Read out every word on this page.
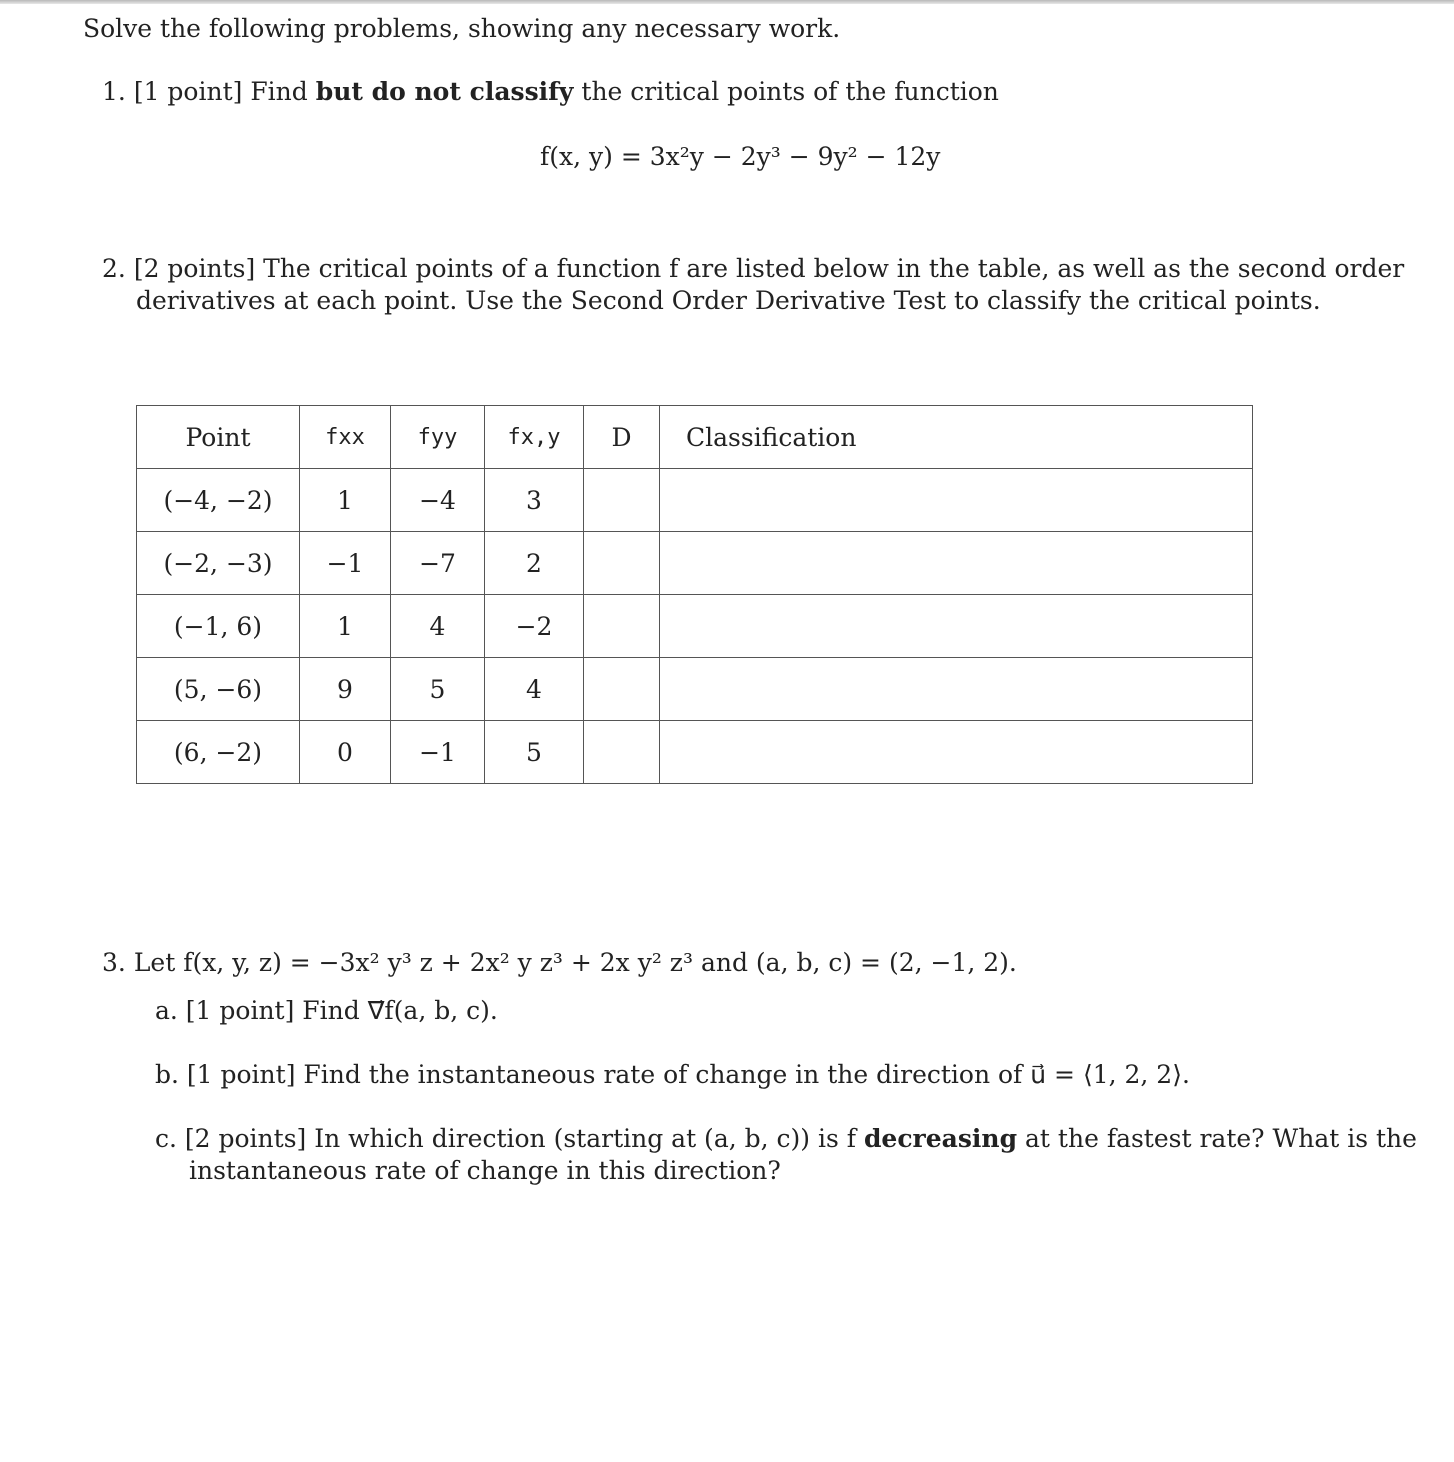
Solve the following problems, showing any necessary work.
1. [1 point] Find but do not classify the critical points of the function
f(x, y) = 3x²y − 2y³ − 9y² − 12y
2. [2 points] The critical points of a function f are listed below in the table, as well as the second order
derivatives at each point. Use the Second Order Derivative Test to classify the critical points.
Point	fxx	fyy	fx,y	D	Classification
(−4, −2)	1	−4	3		
(−2, −3)	−1	−7	2		
(−1, 6)	1	4	−2		
(5, −6)	9	5	4		
(6, −2)	0	−1	5		
3. Let f(x, y, z) = −3x² y³ z + 2x² y z³ + 2x y² z³ and (a, b, c) = (2, −1, 2).
a. [1 point] Find ∇⃗f(a, b, c).
b. [1 point] Find the instantaneous rate of change in the direction of u⃗ = ⟨1, 2, 2⟩.
c. [2 points] In which direction (starting at (a, b, c)) is f decreasing at the fastest rate? What is the
instantaneous rate of change in this direction?
